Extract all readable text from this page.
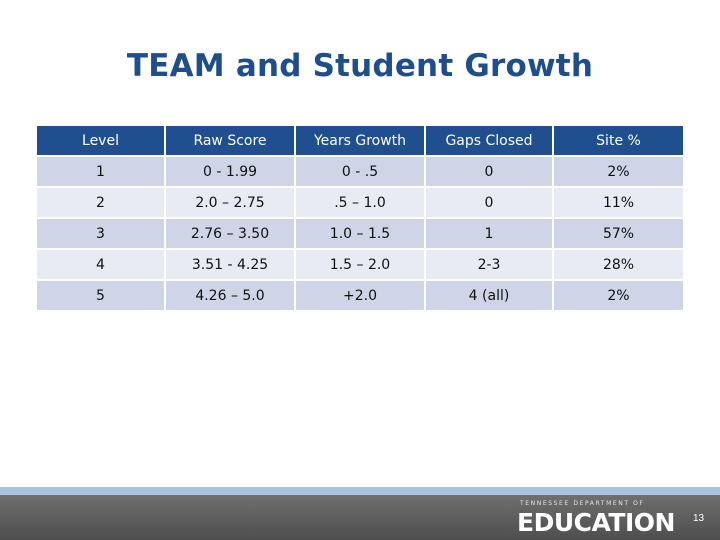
TEAM and Student Growth
Level	Raw Score	Years Growth	Gaps Closed	Site %
1	0 - 1.99	0 - .5	0	2%
2	2.0 – 2.75	.5 – 1.0	0	11%
3	2.76 – 3.50	1.0 – 1.5	1	57%
4	3.51 - 4.25	1.5 – 2.0	2-3	28%
5	4.26 – 5.0	+2.0	4 (all)	2%
TENNESSEE DEPARTMENT OF
EDUCATION 13
